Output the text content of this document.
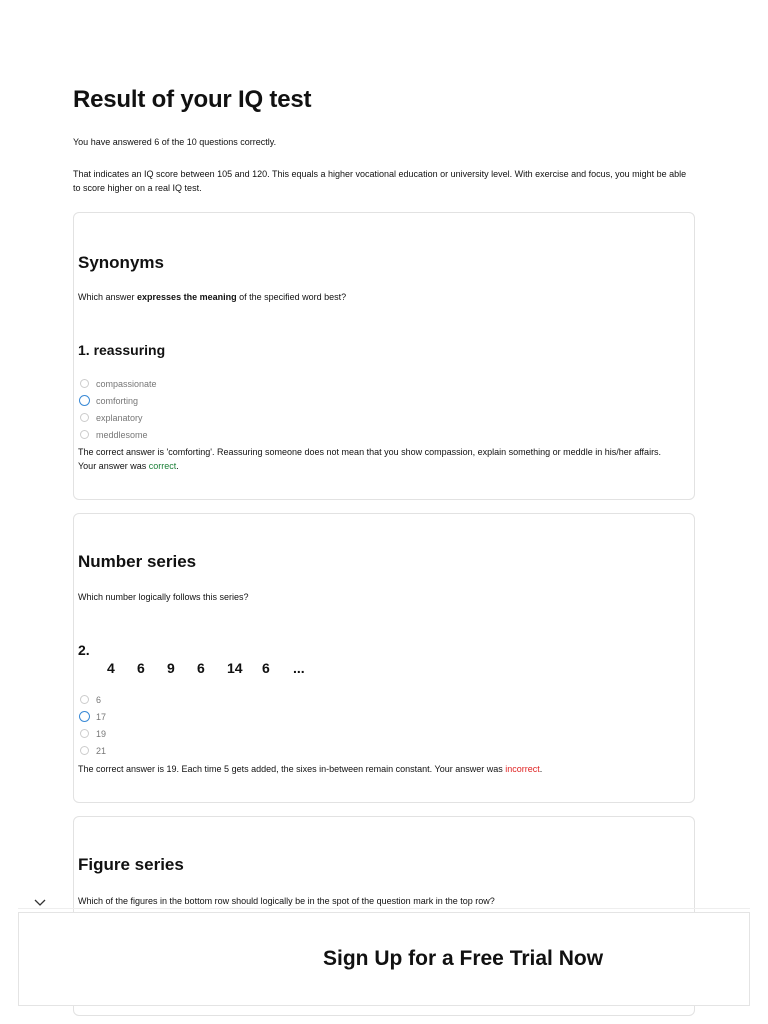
Result of your IQ test

You have answered 6 of the 10 questions correctly.

That indicates an IQ score between 105 and 120. This equals a higher vocational education or university level. With exercise and focus, you might be able to score higher on a real IQ test.

Synonyms

Which answer expresses the meaning of the specified word best?

1. reassuring
compassionate
comforting
explanatory
meddlesome

The correct answer is 'comforting'. Reassuring someone does not mean that you show compassion, explain something or meddle in his/her affairs. Your answer was correct.

Number series

Which number logically follows this series?

2.
4	6	9	6	14	6	...
6
17
19
21

The correct answer is 19. Each time 5 gets added, the sixes in-between remain constant. Your answer was incorrect.

Figure series

Which of the figures in the bottom row should logically be in the spot of the question mark in the top row?

Sign Up for a Free Trial Now
